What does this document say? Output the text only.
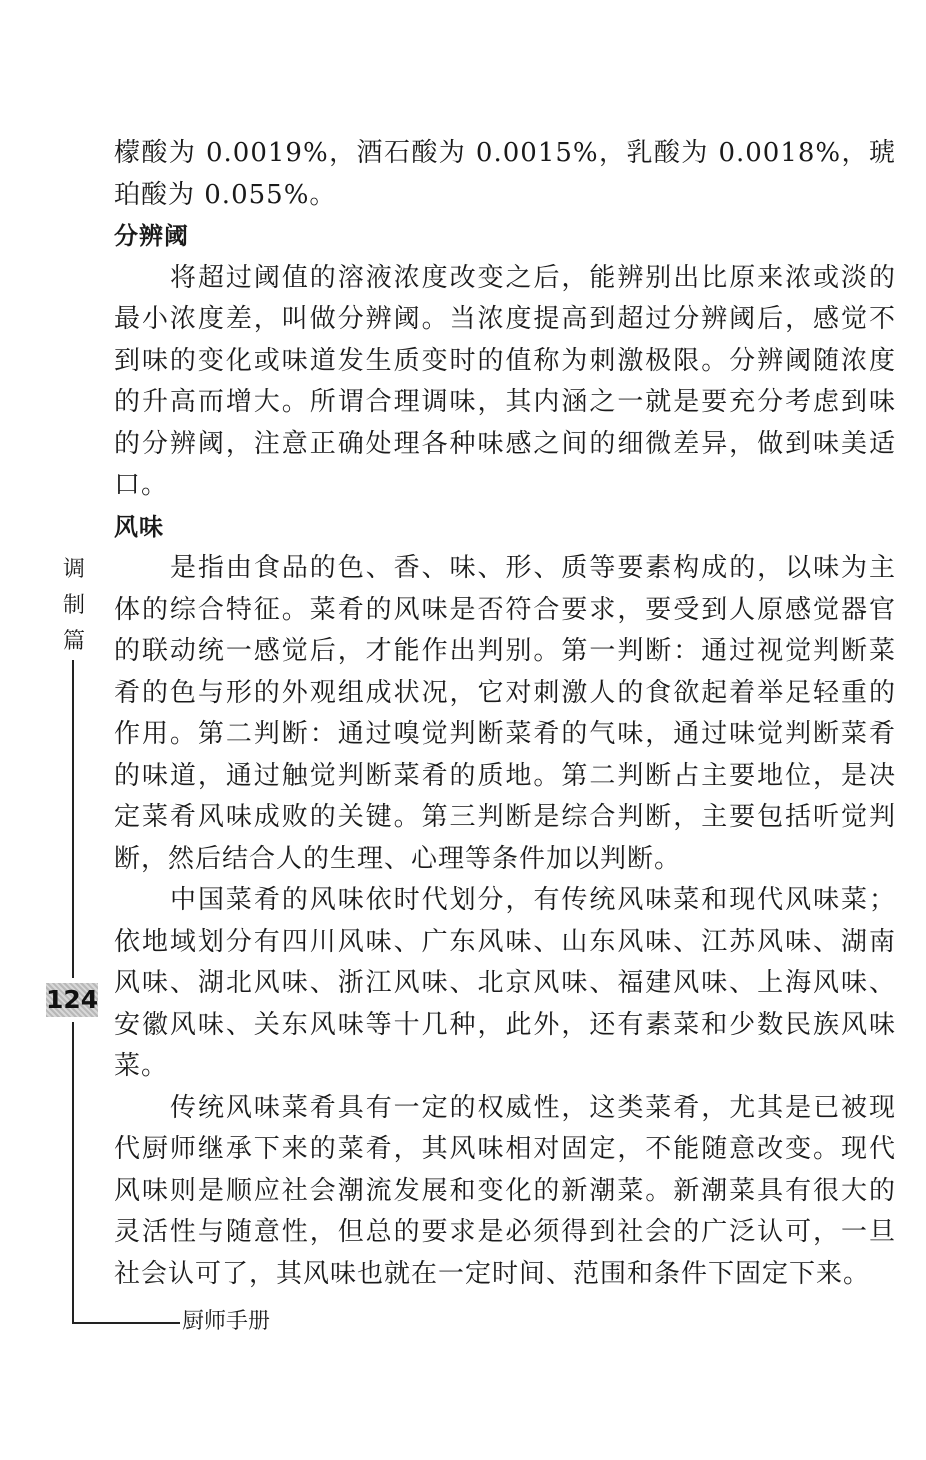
檬酸为 0.0019%，酒石酸为 0.0015%，乳酸为 0.0018%，琥珀酸为 0.055%。

分辨阈

将超过阈值的溶液浓度改变之后，能辨别出比原来浓或淡的最小浓度差，叫做分辨阈。当浓度提高到超过分辨阈后，感觉不到味的变化或味道发生质变时的值称为刺激极限。分辨阈随浓度的升高而增大。所谓合理调味，其内涵之一就是要充分考虑到味的分辨阈，注意正确处理各种味感之间的细微差异，做到味美适口。

风味

是指由食品的色、香、味、形、质等要素构成的，以味为主体的综合特征。菜肴的风味是否符合要求，要受到人原感觉器官的联动统一感觉后，才能作出判别。第一判断：通过视觉判断菜肴的色与形的外观组成状况，它对刺激人的食欲起着举足轻重的作用。第二判断：通过嗅觉判断菜肴的气味，通过味觉判断菜肴的味道，通过触觉判断菜肴的质地。第二判断占主要地位，是决定菜肴风味成败的关键。第三判断是综合判断，主要包括听觉判断，然后结合人的生理、心理等条件加以判断。

中国菜肴的风味依时代划分，有传统风味菜和现代风味菜；依地域划分有四川风味、广东风味、山东风味、江苏风味、湖南风味、湖北风味、浙江风味、北京风味、福建风味、上海风味、安徽风味、关东风味等十几种，此外，还有素菜和少数民族风味菜。

传统风味菜肴具有一定的权威性，这类菜肴，尤其是已被现代厨师继承下来的菜肴，其风味相对固定，不能随意改变。现代风味则是顺应社会潮流发展和变化的新潮菜。新潮菜具有很大的灵活性与随意性，但总的要求是必须得到社会的广泛认可，一旦社会认可了，其风味也就在一定时间、范围和条件下固定下来。

调制篇
124
厨师手册
